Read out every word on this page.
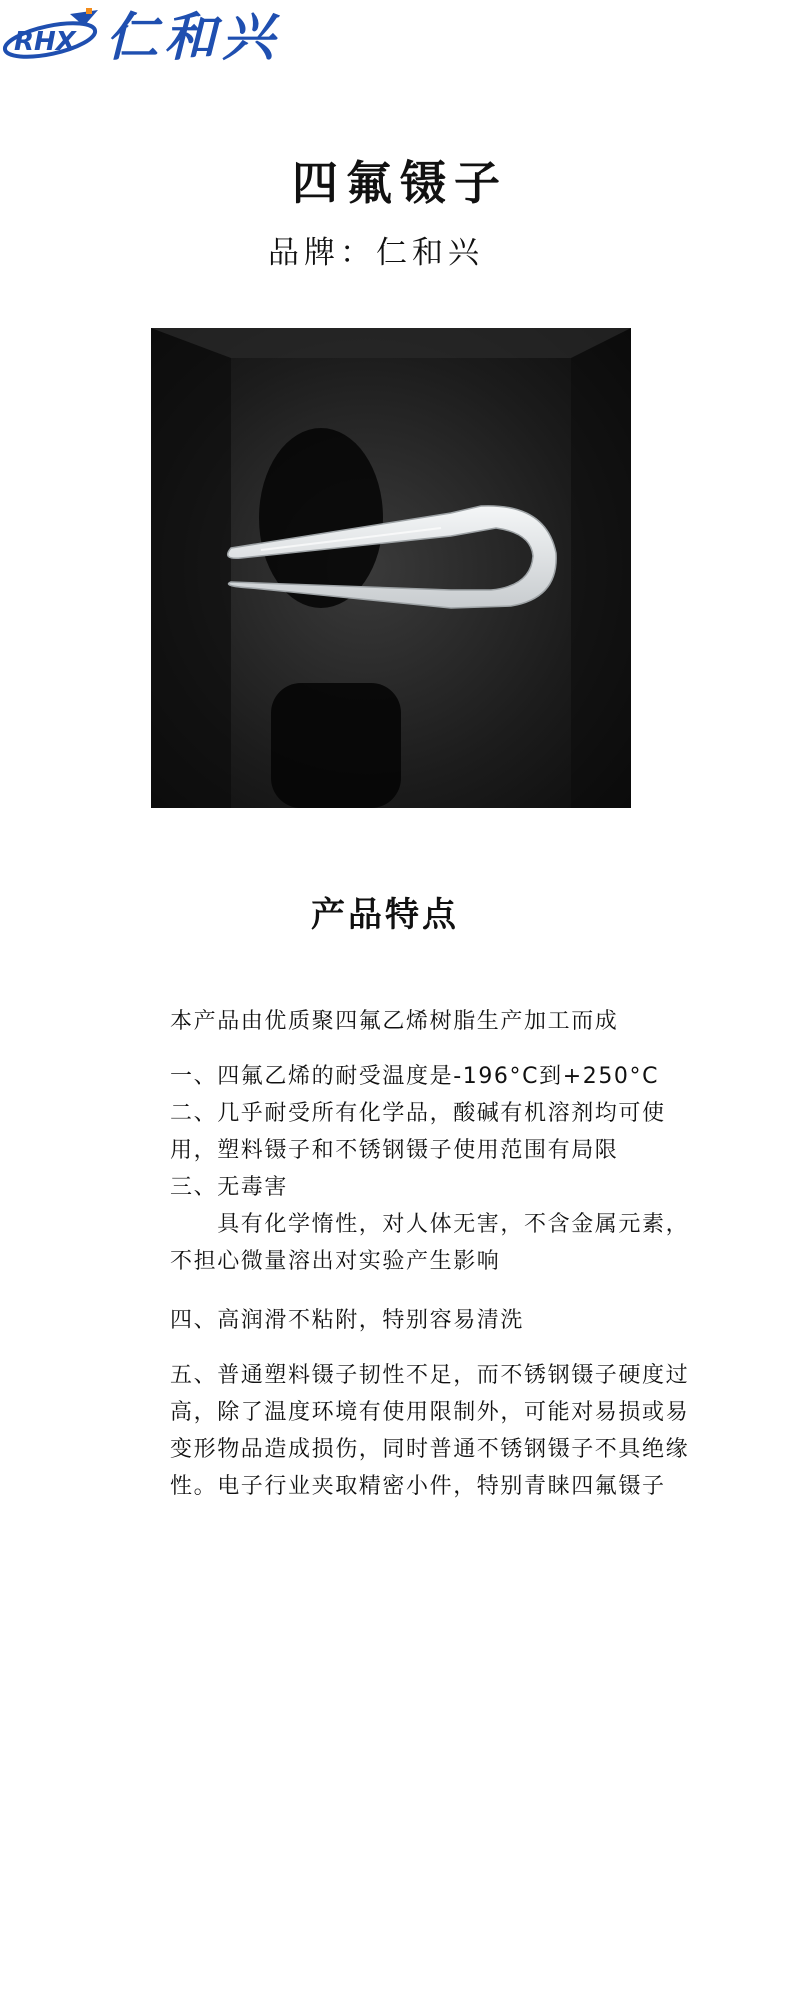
RHX 仁和兴
四氟镊子
品牌：仁和兴
产品特点
本产品由优质聚四氟乙烯树脂生产加工而成
一、四氟乙烯的耐受温度是-196°C到+250°C
二、几乎耐受所有化学品，酸碱有机溶剂均可使用，塑料镊子和不锈钢镊子使用范围有局限
三、无毒害
　　具有化学惰性，对人体无害，不含金属元素，不担心微量溶出对实验产生影响
四、高润滑不粘附，特别容易清洗
五、普通塑料镊子韧性不足，而不锈钢镊子硬度过高，除了温度环境有使用限制外，可能对易损或易变形物品造成损伤，同时普通不锈钢镊子不具绝缘性。电子行业夹取精密小件，特别青睐四氟镊子
